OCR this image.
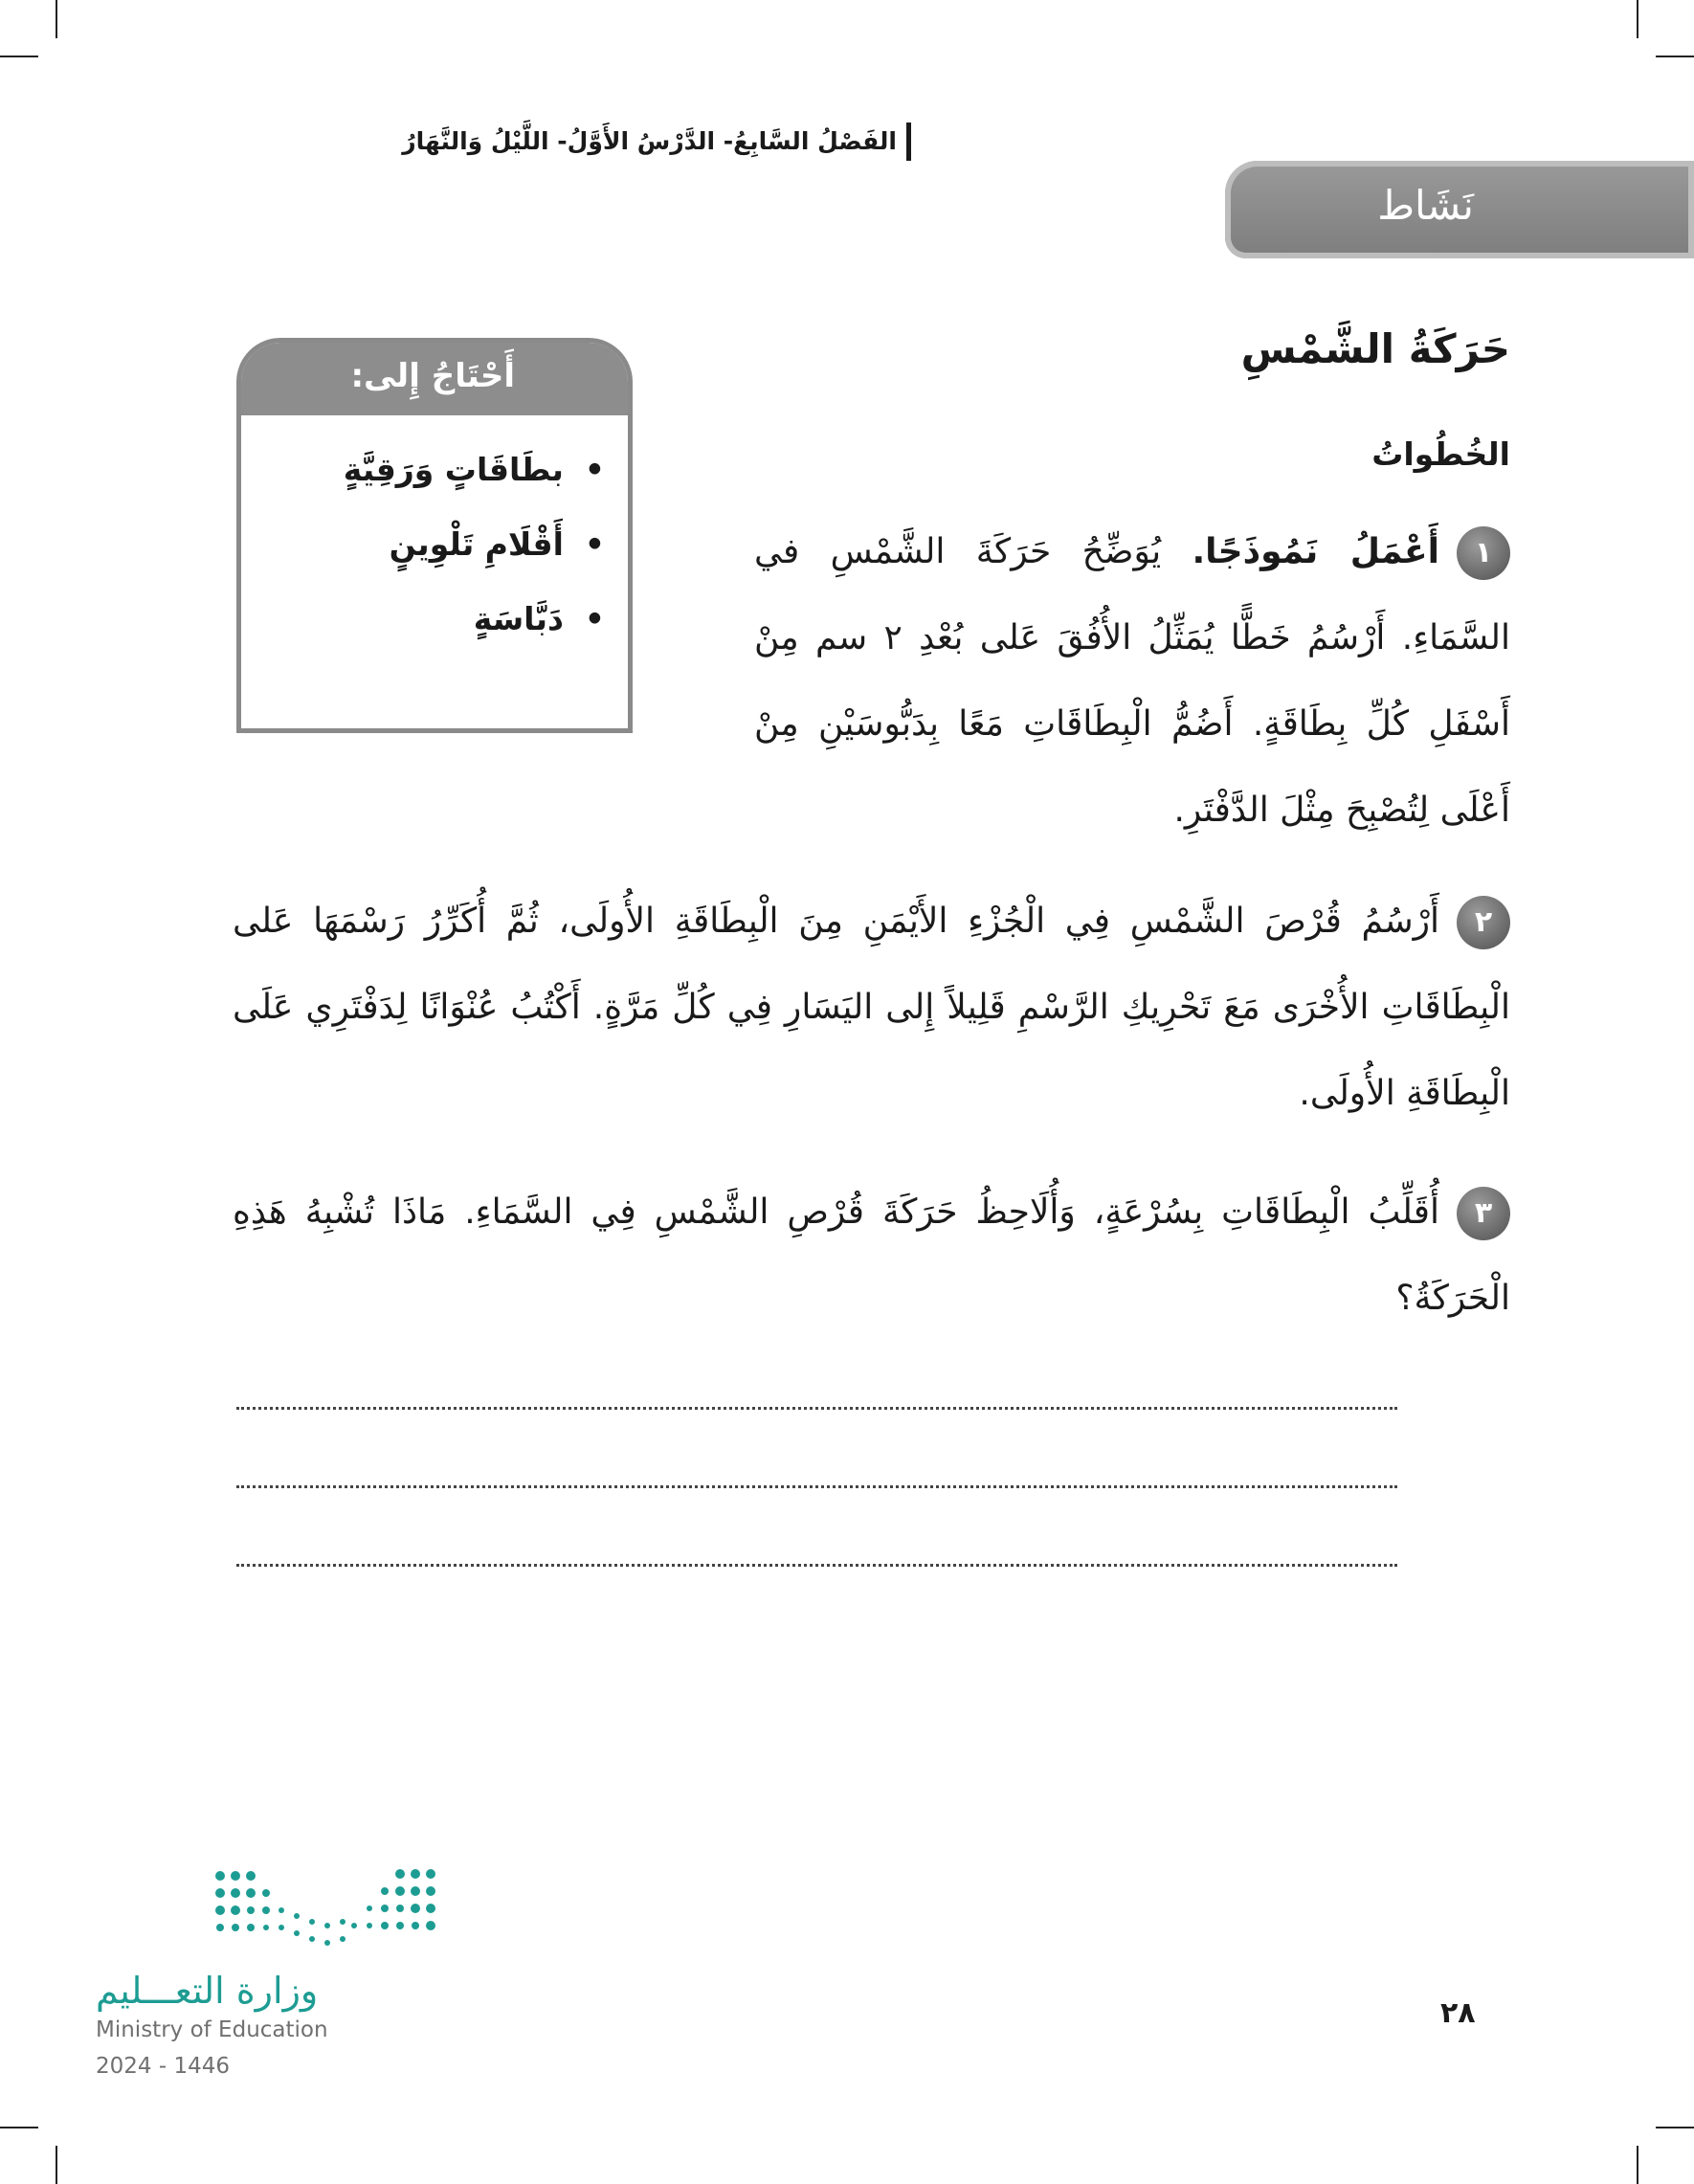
الفَصْلُ السَّابِعُ- الدَّرْسُ الأَوَّلُ- اللَّيْلُ وَالنَّهَارُ
نَشَاط
حَرَكَةُ الشَّمْسِ
الخُطُواتُ
أَحْتَاجُ إِلى:
• بطَاقَاتٍ وَرَقِيَّةٍ
• أَقْلَامِ تَلْوِينٍ
• دَبَّاسَةٍ
١أَعْمَلُ نَمُوذَجًا. يُوَضِّحُ حَرَكَةَ الشَّمْسِ في السَّمَاءِ. أَرْسُمُ خَطًّا يُمَثِّلُ الأُفُقَ عَلى بُعْدِ ٢ سم مِنْ أَسْفَلِ كُلِّ بِطَاقَةٍ. أَضُمُّ الْبِطَاقَاتِ مَعًا بِدَبُّوسَيْنِ مِنْ أَعْلَى لِتُصْبِحَ مِثْلَ الدَّفْتَرِ.
٢أَرْسُمُ قُرْصَ الشَّمْسِ فِي الْجُزْءِ الأَيْمَنِ مِنَ الْبِطَاقَةِ الأُولَى، ثُمَّ أُكَرِّرُ رَسْمَهَا عَلى الْبِطَاقَاتِ الأُخْرَى مَعَ تَحْرِيكِ الرَّسْمِ قَلِيلاً إِلى اليَسَارِ فِي كُلِّ مَرَّةٍ. أَكْتُبُ عُنْوَانًا لِدَفْتَرِي عَلَى الْبِطَاقَةِ الأُولَى.
٣أُقَلِّبُ الْبِطَاقَاتِ بِسُرْعَةٍ، وَأُلَاحِظُ حَرَكَةَ قُرْصِ الشَّمْسِ فِي السَّمَاءِ. مَاذَا تُشْبِهُ هَذِهِ الْحَرَكَةُ؟
وزارة التعـــليم
Ministry of Education
2024 - 1446
٢٨
